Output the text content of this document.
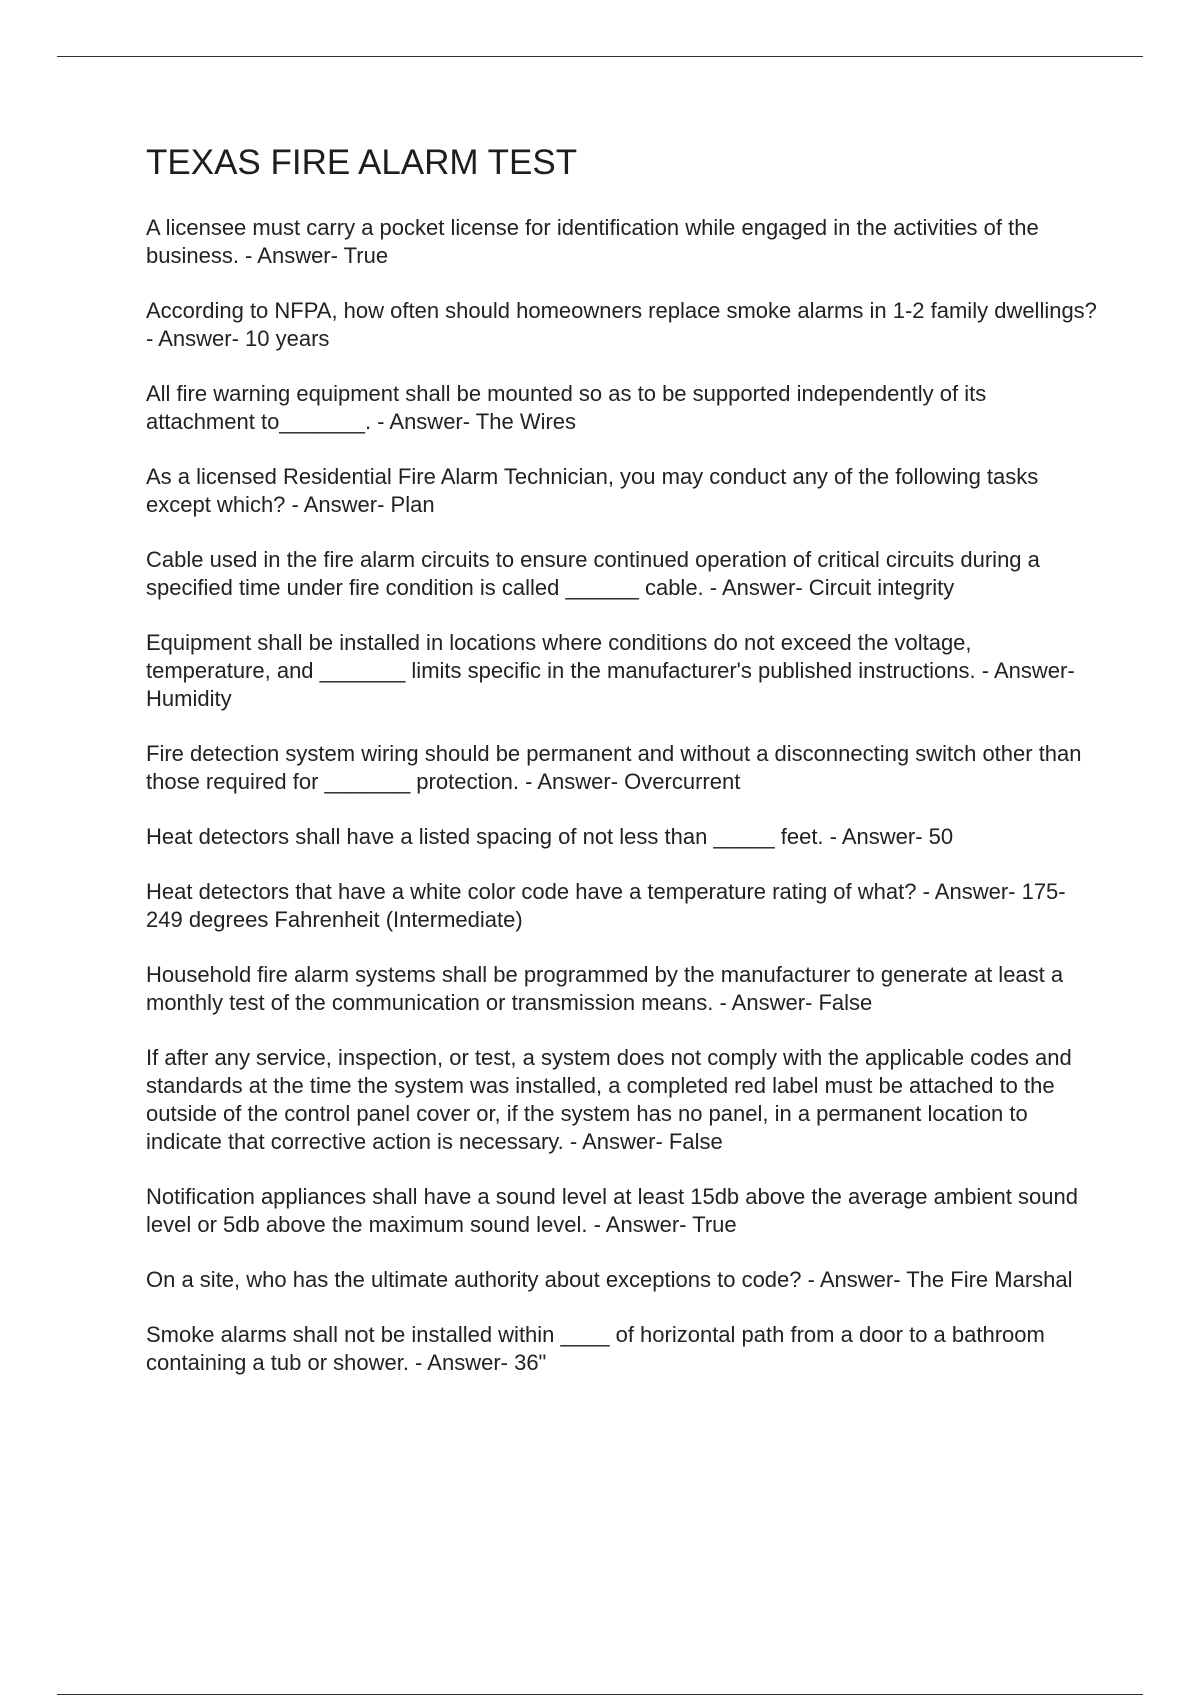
TEXAS FIRE ALARM TEST

A licensee must carry a pocket license for identification while engaged in the activities of the business. - Answer- True

According to NFPA, how often should homeowners replace smoke alarms in 1-2 family dwellings? - Answer- 10 years

All fire warning equipment shall be mounted so as to be supported independently of its attachment to_______. - Answer- The Wires

As a licensed Residential Fire Alarm Technician, you may conduct any of the following tasks except which? - Answer- Plan

Cable used in the fire alarm circuits to ensure continued operation of critical circuits during a specified time under fire condition is called ______ cable. - Answer- Circuit integrity

Equipment shall be installed in locations where conditions do not exceed the voltage, temperature, and _______ limits specific in the manufacturer's published instructions. - Answer- Humidity

Fire detection system wiring should be permanent and without a disconnecting switch other than those required for _______ protection. - Answer- Overcurrent

Heat detectors shall have a listed spacing of not less than _____ feet. - Answer- 50

Heat detectors that have a white color code have a temperature rating of what? - Answer- 175-249 degrees Fahrenheit (Intermediate)

Household fire alarm systems shall be programmed by the manufacturer to generate at least a monthly test of the communication or transmission means. - Answer- False

If after any service, inspection, or test, a system does not comply with the applicable codes and standards at the time the system was installed, a completed red label must be attached to the outside of the control panel cover or, if the system has no panel, in a permanent location to indicate that corrective action is necessary. - Answer- False

Notification appliances shall have a sound level at least 15db above the average ambient sound level or 5db above the maximum sound level. - Answer- True

On a site, who has the ultimate authority about exceptions to code? - Answer- The Fire Marshal

Smoke alarms shall not be installed within ____ of horizontal path from a door to a bathroom containing a tub or shower. - Answer- 36"
